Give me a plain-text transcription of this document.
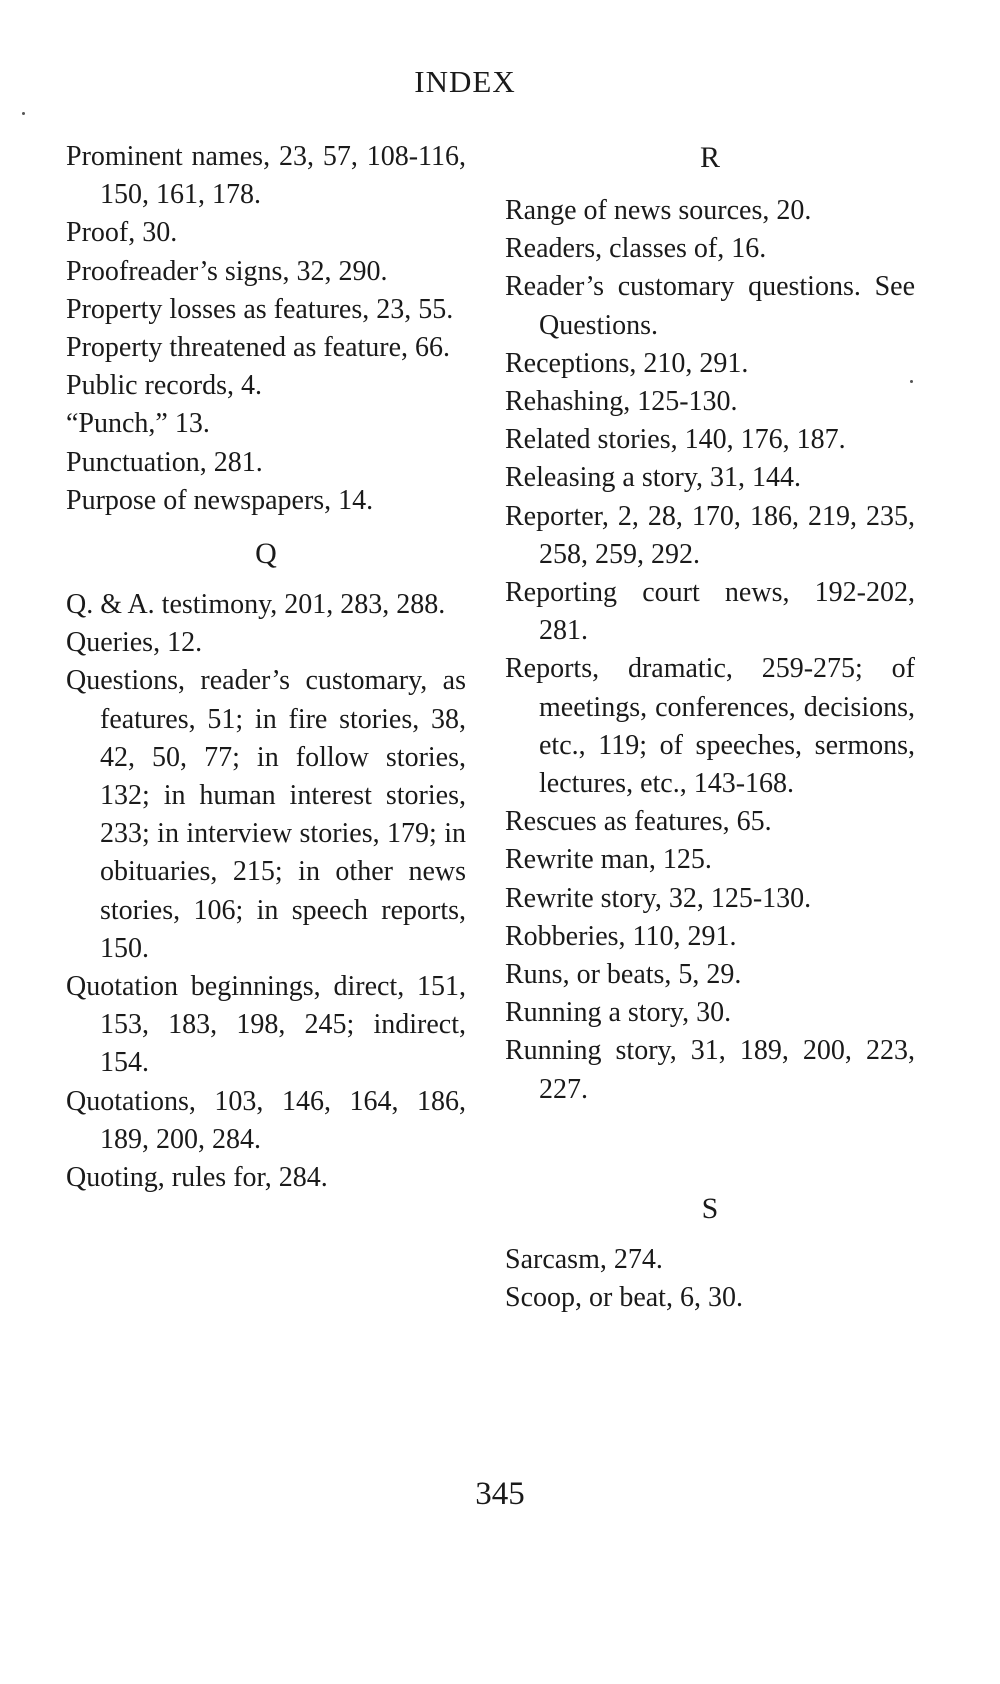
INDEX
Prominent names, 23, 57, 108-116, 150, 161, 178.
Proof, 30.
Proofreader’s signs, 32, 290.
Property losses as features, 23, 55.
Property threatened as feature, 66.
Public records, 4.
“Punch,” 13.
Punctuation, 281.
Purpose of newspapers, 14.
Q
Q. & A. testimony, 201, 283, 288.
Queries, 12.
Questions, reader’s customary, as features, 51; in fire stories, 38, 42, 50, 77; in follow stories, 132; in human interest stories, 233; in interview stories, 179; in obituaries, 215; in other news stories, 106; in speech reports, 150.
Quotation beginnings, direct, 151, 153, 183, 198, 245; indirect, 154.
Quotations, 103, 146, 164, 186, 189, 200, 284.
Quoting, rules for, 284.
R
Range of news sources, 20.
Readers, classes of, 16.
Reader’s customary questions. See Questions.
Receptions, 210, 291.
Rehashing, 125-130.
Related stories, 140, 176, 187.
Releasing a story, 31, 144.
Reporter, 2, 28, 170, 186, 219, 235, 258, 259, 292.
Reporting court news, 192-202, 281.
Reports, dramatic, 259-275; of meetings, conferences, decisions, etc., 119; of speeches, sermons, lectures, etc., 143-168.
Rescues as features, 65.
Rewrite man, 125.
Rewrite story, 32, 125-130.
Robberies, 110, 291.
Runs, or beats, 5, 29.
Running a story, 30.
Running story, 31, 189, 200, 223, 227.
S
Sarcasm, 274.
Scoop, or beat, 6, 30.
345
